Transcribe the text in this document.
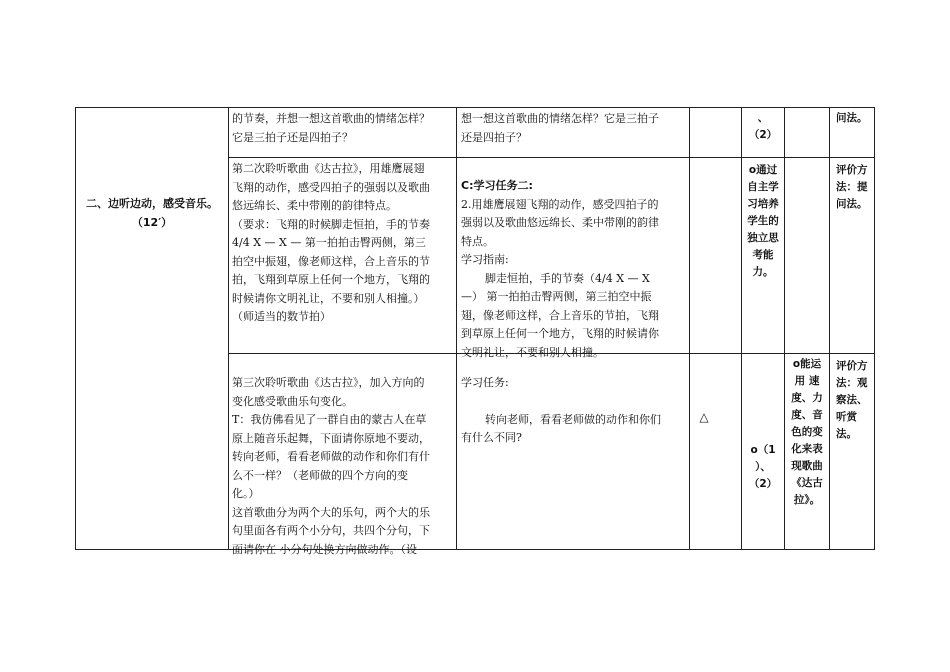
二、边听边动，感受音乐。
（12′）
的节奏，并想一想这首歌曲的情绪怎样？
它是三拍子还是四拍子？
想一想这首歌曲的情绪怎样？它是三拍子
还是四拍子？
、
（2）
问法。
第二次聆听歌曲《达古拉》，用雄鹰展翅
飞翔的动作，感受四拍子的强弱以及歌曲
悠远绵长、柔中带刚的韵律特点。
（要求：飞翔的时候脚走恒拍，手的节奏
4/4 X — X — 第一拍拍击臀两侧，第三
拍空中振翅，像老师这样，合上音乐的节
拍，飞翔到草原上任何一个地方，飞翔的
时候请你文明礼让，不要和别人相撞。）
（师适当的数节拍）
C:学习任务二:
2.用雄鹰展翅飞翔的动作，感受四拍子的
强弱以及歌曲悠远绵长、柔中带刚的韵律
特点。
学习指南:
脚走恒拍，手的节奏（4/4 X — X
—） 第一拍拍击臀两侧，第三拍空中振
翅，像老师这样，合上音乐的节拍，飞翔
到草原上任何一个地方，飞翔的时候请你
文明礼让，不要和别人相撞。
o通过
自主学
习培养
学生的
独立思
考能
力。
评价方
法：提
问法。
第三次聆听歌曲《达古拉》，加入方向的
变化感受歌曲乐句变化。
T：我仿佛看见了一群自由的蒙古人在草
原上随音乐起舞，下面请你原地不要动，
转向老师，看看老师做的动作和你们有什
么不一样？（老师做的四个方向的变
化。）
这首歌曲分为两个大的乐句，两个大的乐
句里面各有两个小分句，共四个分句，下
面请你在 小分句处换方向做动作。（设
学习任务:
转向老师，看看老师做的动作和你们
有什么不同?
△
o（1
）、
（2）
o能运
用 速
度、力
度、音
色的变
化来表
现歌曲
《达古
拉》。
评价方
法：观
察法、
听赏
法。
